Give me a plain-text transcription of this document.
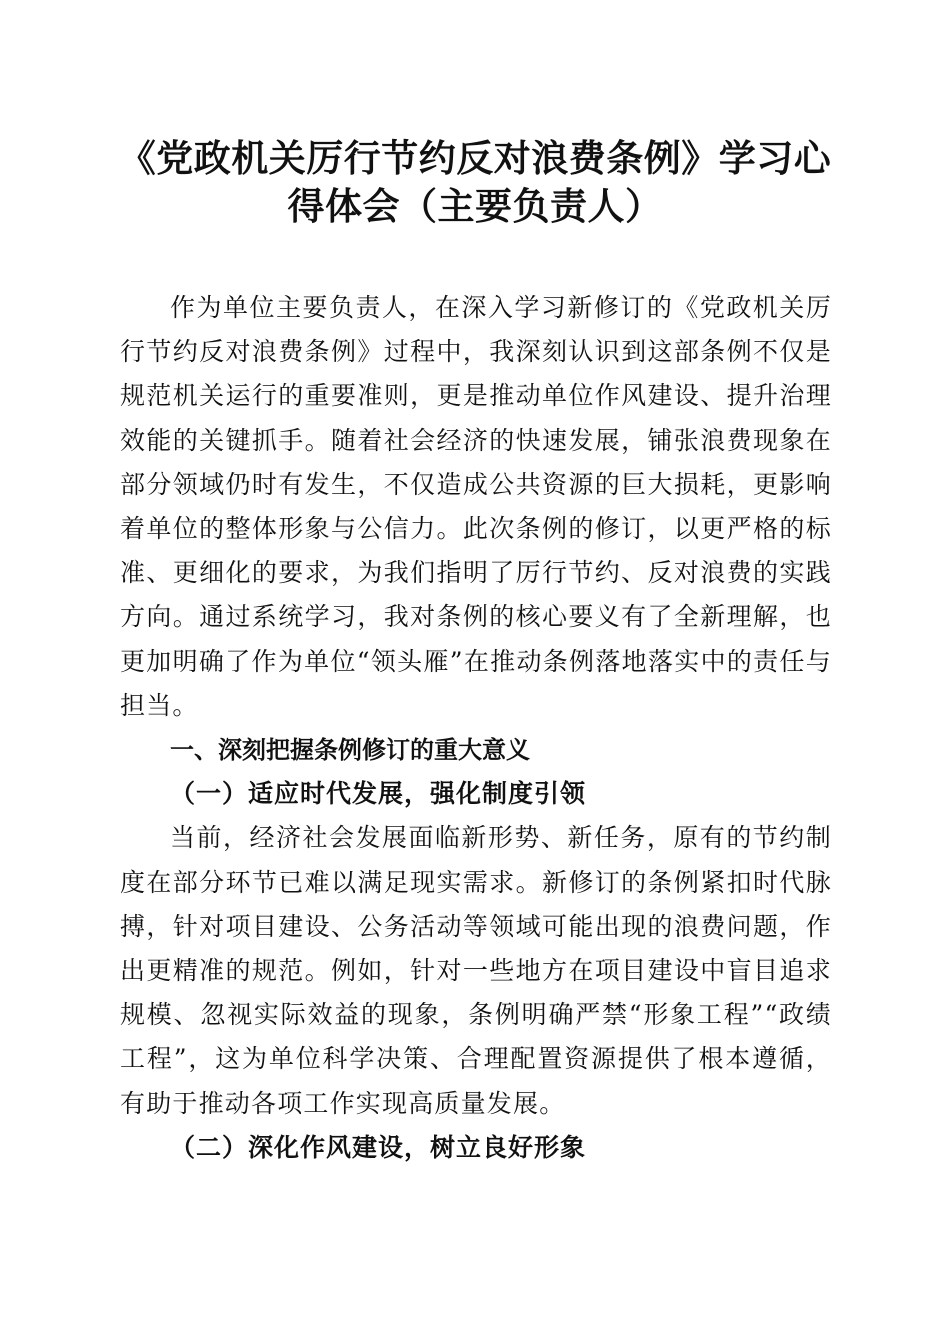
《党政机关厉行节约反对浪费条例》学习心得体会（主要负责人）

作为单位主要负责人，在深入学习新修订的《党政机关厉行节约反对浪费条例》过程中，我深刻认识到这部条例不仅是规范机关运行的重要准则，更是推动单位作风建设、提升治理效能的关键抓手。随着社会经济的快速发展，铺张浪费现象在部分领域仍时有发生，不仅造成公共资源的巨大损耗，更影响着单位的整体形象与公信力。此次条例的修订，以更严格的标准、更细化的要求，为我们指明了厉行节约、反对浪费的实践方向。通过系统学习，我对条例的核心要义有了全新理解，也更加明确了作为单位“领头雁”在推动条例落地落实中的责任与担当。

一、深刻把握条例修订的重大意义

（一）适应时代发展，强化制度引领

当前，经济社会发展面临新形势、新任务，原有的节约制度在部分环节已难以满足现实需求。新修订的条例紧扣时代脉搏，针对项目建设、公务活动等领域可能出现的浪费问题，作出更精准的规范。例如，针对一些地方在项目建设中盲目追求规模、忽视实际效益的现象，条例明确严禁“形象工程”“政绩工程”，这为单位科学决策、合理配置资源提供了根本遵循，有助于推动各项工作实现高质量发展。

（二）深化作风建设，树立良好形象
